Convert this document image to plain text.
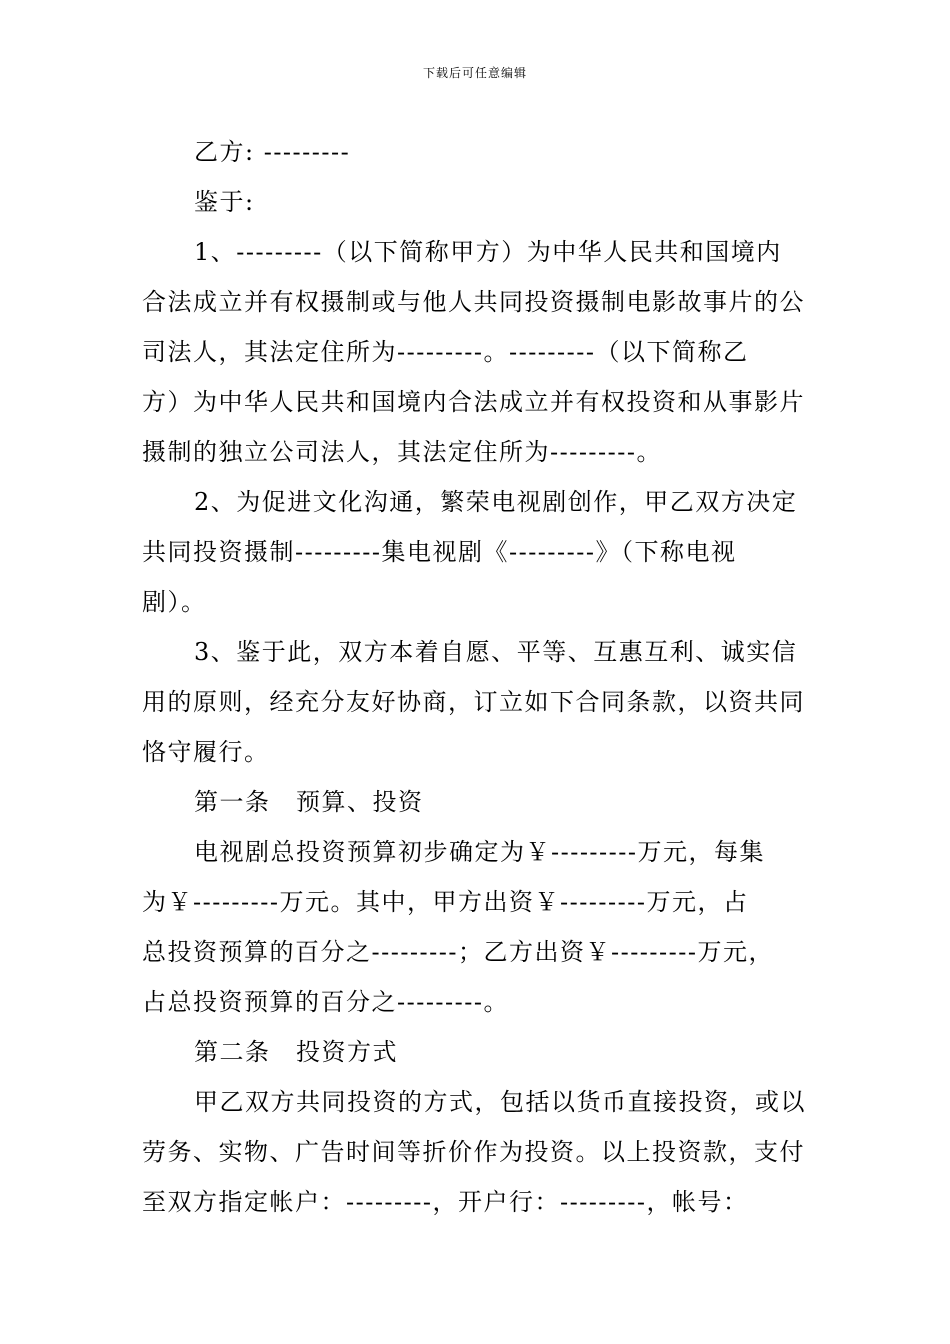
下载后可任意编辑
乙方: ---------
鉴于:
1、---------（以下简称甲方）为中华人民共和国境内
合法成立并有权摄制或与他人共同投资摄制电影故事片的公
司法人，其法定住所为---------。---------（以下简称乙
方）为中华人民共和国境内合法成立并有权投资和从事影片
摄制的独立公司法人，其法定住所为---------。
2、为促进文化沟通，繁荣电视剧创作，甲乙双方决定
共同投资摄制---------集电视剧《---------》（下称电视
剧）。
3、鉴于此，双方本着自愿、平等、互惠互利、诚实信
用的原则，经充分友好协商，订立如下合同条款，以资共同
恪守履行。
第一条　预算、投资
电视剧总投资预算初步确定为￥---------万元，每集
为￥---------万元。其中，甲方出资￥---------万元，占
总投资预算的百分之---------；乙方出资￥---------万元，
占总投资预算的百分之---------。
第二条　投资方式
甲乙双方共同投资的方式，包括以货币直接投资，或以
劳务、实物、广告时间等折价作为投资。以上投资款，支付
至双方指定帐户：---------，开户行：---------，帐号：
